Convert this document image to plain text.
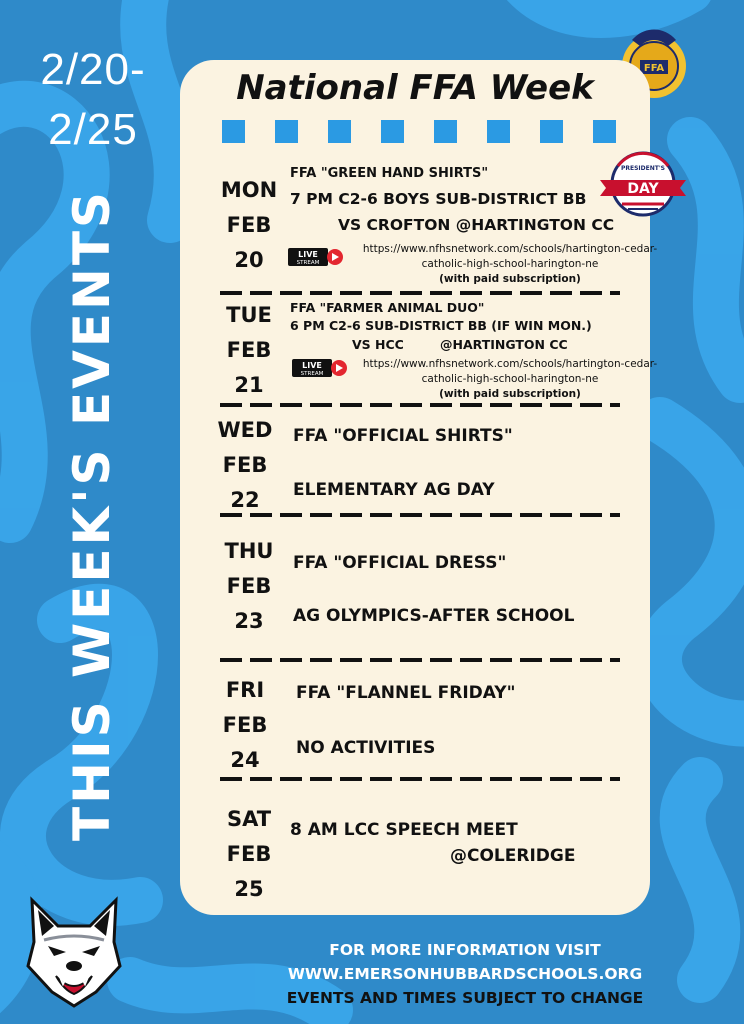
2/20-
2/25
THIS WEEK'S EVENTS
FFA
National FFA Week
MON
FEB
20
FFA "GREEN HAND SHIRTS"
7 PM C2-6 BOYS SUB-DISTRICT BB
VS CROFTON @HARTINGTON CC
LIVE
STREAM
https://www.nfhsnetwork.com/schools/hartington-cedar-
catholic-high-school-harington-ne
(with paid subscription)
TUE
FEB
21
FFA "FARMER ANIMAL DUO"
6 PM C2-6 SUB-DISTRICT BB (IF WIN MON.)
VS HCC	@HARTINGTON CC
LIVE
STREAM
https://www.nfhsnetwork.com/schools/hartington-cedar-
catholic-high-school-harington-ne
(with paid subscription)
WED
FEB
22
FFA "OFFICIAL SHIRTS"
ELEMENTARY AG DAY
THU
FEB
23
FFA "OFFICIAL DRESS"
AG OLYMPICS-AFTER SCHOOL
FRI
FEB
24
FFA "FLANNEL FRIDAY"
NO ACTIVITIES
SAT
FEB
25
8 AM LCC SPEECH MEET
@COLERIDGE
PRESIDENT'S
DAY
FOR MORE INFORMATION VISIT
WWW.EMERSONHUBBARDSCHOOLS.ORG
EVENTS AND TIMES SUBJECT TO CHANGE
